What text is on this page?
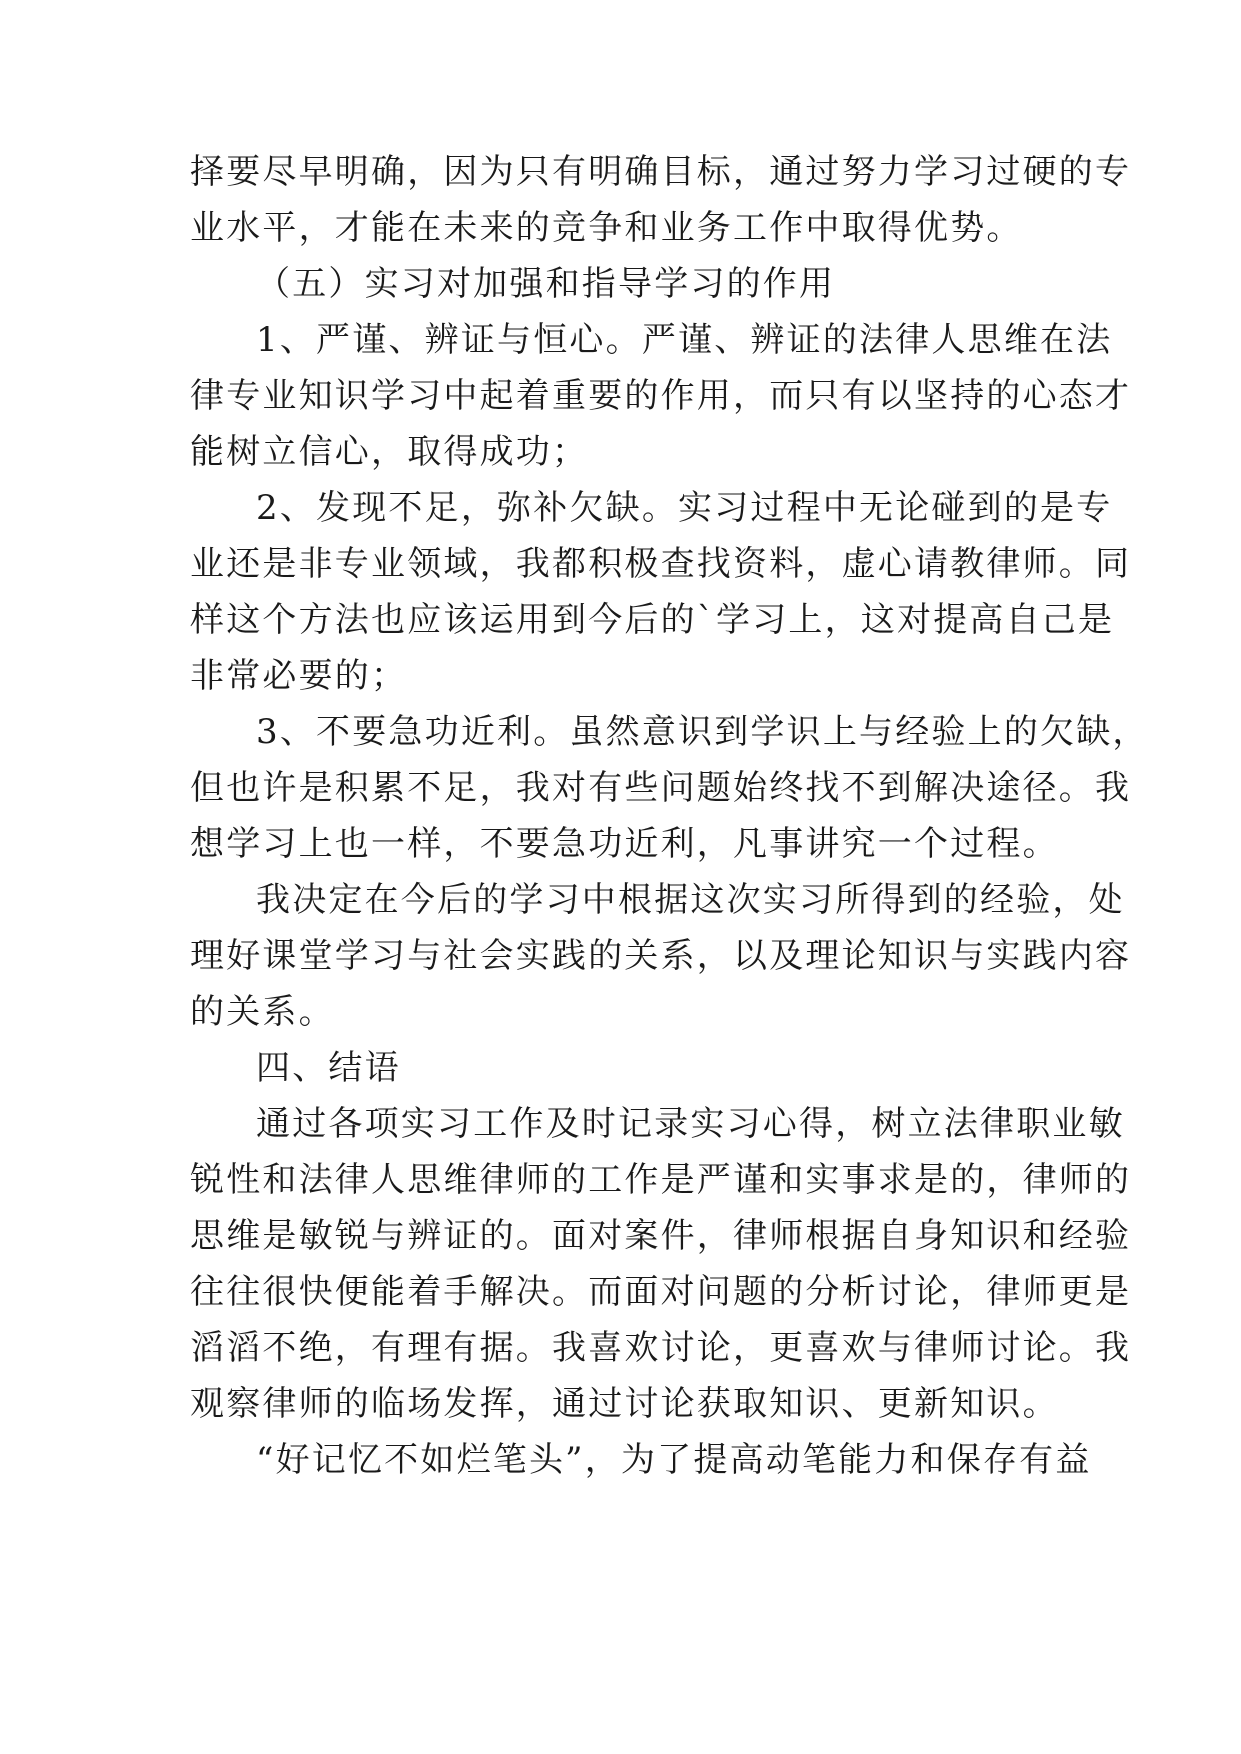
择要尽早明确，因为只有明确目标，通过努力学习过硬的专
业水平，才能在未来的竞争和业务工作中取得优势。
（五）实习对加强和指导学习的作用
1、严谨、辨证与恒心。严谨、辨证的法律人思维在法
律专业知识学习中起着重要的作用，而只有以坚持的心态才
能树立信心，取得成功；
2、发现不足，弥补欠缺。实习过程中无论碰到的是专
业还是非专业领域，我都积极查找资料，虚心请教律师。同
样这个方法也应该运用到今后的`学习上，这对提高自己是
非常必要的；
3、不要急功近利。虽然意识到学识上与经验上的欠缺，
但也许是积累不足，我对有些问题始终找不到解决途径。我
想学习上也一样，不要急功近利，凡事讲究一个过程。
我决定在今后的学习中根据这次实习所得到的经验，处
理好课堂学习与社会实践的关系，以及理论知识与实践内容
的关系。
四、结语
通过各项实习工作及时记录实习心得，树立法律职业敏
锐性和法律人思维律师的工作是严谨和实事求是的，律师的
思维是敏锐与辨证的。面对案件，律师根据自身知识和经验
往往很快便能着手解决。而面对问题的分析讨论，律师更是
滔滔不绝，有理有据。我喜欢讨论，更喜欢与律师讨论。我
观察律师的临场发挥，通过讨论获取知识、更新知识。
“好记忆不如烂笔头”，为了提高动笔能力和保存有益
